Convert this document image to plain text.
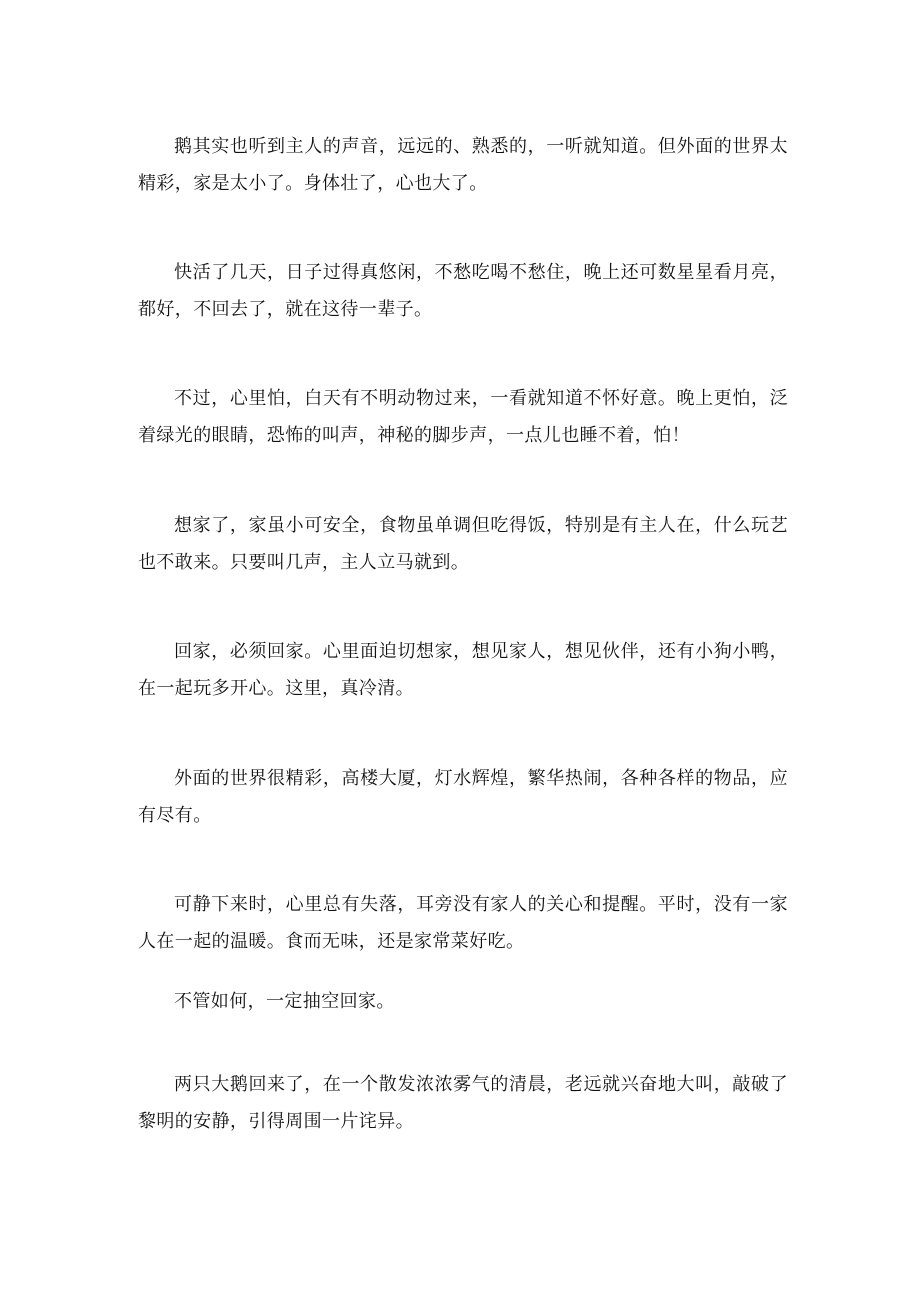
鹅其实也听到主人的声音，远远的、熟悉的，一听就知道。但外面的世界太精彩，家是太小了。身体壮了，心也大了。

快活了几天，日子过得真悠闲，不愁吃喝不愁住，晚上还可数星星看月亮，都好，不回去了，就在这待一辈子。

不过，心里怕，白天有不明动物过来，一看就知道不怀好意。晚上更怕，泛着绿光的眼睛，恐怖的叫声，神秘的脚步声，一点儿也睡不着，怕！

想家了，家虽小可安全，食物虽单调但吃得饭，特别是有主人在，什么玩艺也不敢来。只要叫几声，主人立马就到。

回家，必须回家。心里面迫切想家，想见家人，想见伙伴，还有小狗小鸭，在一起玩多开心。这里，真冷清。

外面的世界很精彩，高楼大厦，灯水辉煌，繁华热闹，各种各样的物品，应有尽有。

可静下来时，心里总有失落，耳旁没有家人的关心和提醒。平时，没有一家人在一起的温暖。食而无味，还是家常菜好吃。

不管如何，一定抽空回家。

两只大鹅回来了，在一个散发浓浓雾气的清晨，老远就兴奋地大叫，敲破了黎明的安静，引得周围一片诧异。
